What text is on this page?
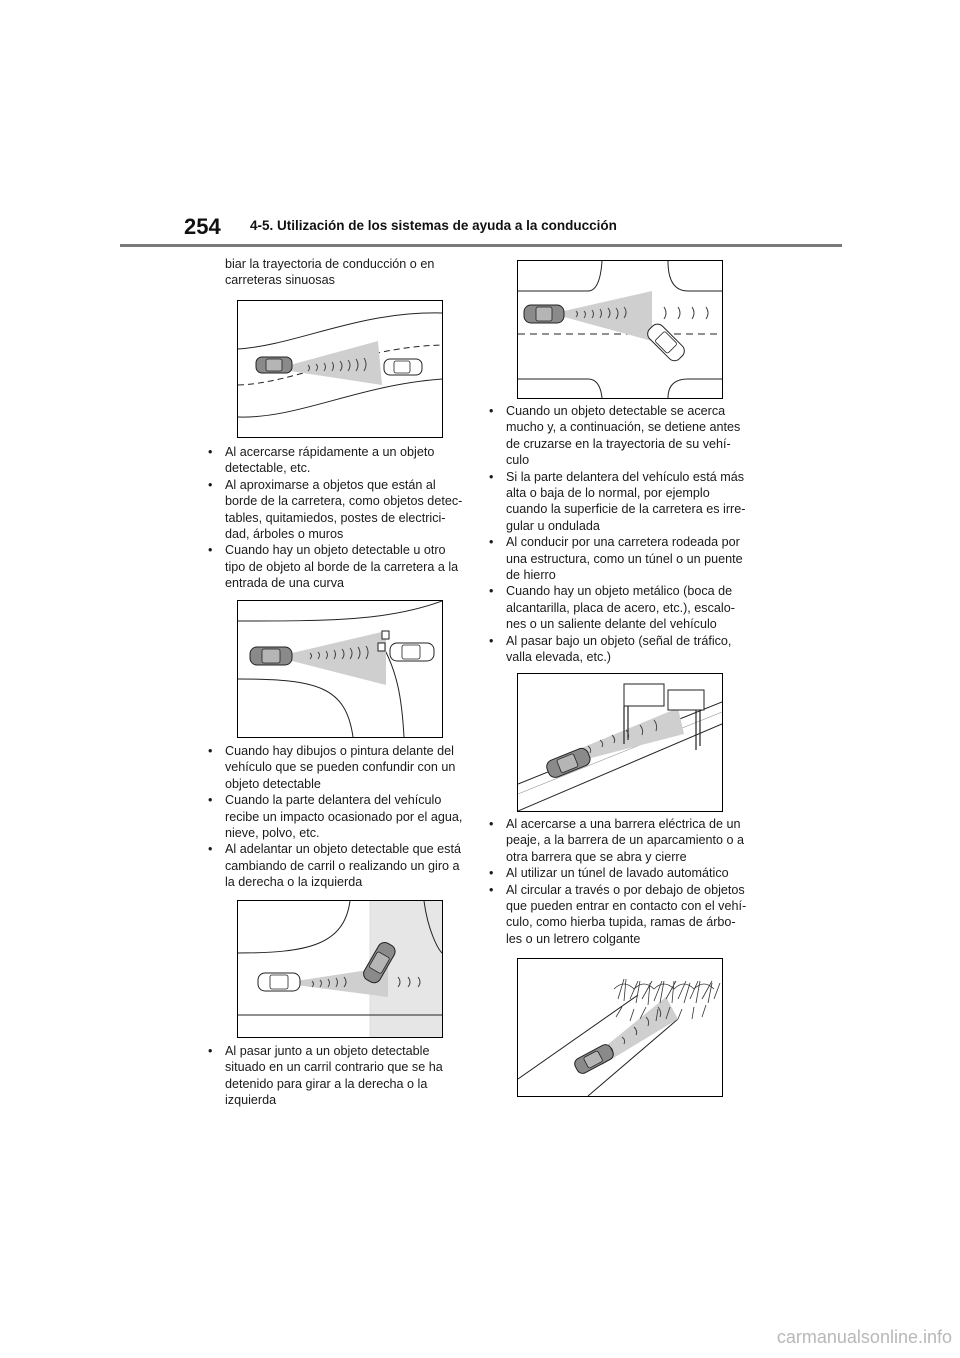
254 4-5. Utilización de los sistemas de ayuda a la conducción
biar la trayectoria de conducción o en
carreteras sinuosas
• Al acercarse rápidamente a un objeto
detectable, etc.
• Al aproximarse a objetos que están al
borde de la carretera, como objetos detec-
tables, quitamiedos, postes de electrici-
dad, árboles o muros
• Cuando hay un objeto detectable u otro
tipo de objeto al borde de la carretera a la
entrada de una curva
• Cuando hay dibujos o pintura delante del
vehículo que se pueden confundir con un
objeto detectable
• Cuando la parte delantera del vehículo
recibe un impacto ocasionado por el agua,
nieve, polvo, etc.
• Al adelantar un objeto detectable que está
cambiando de carril o realizando un giro a
la derecha o la izquierda
• Al pasar junto a un objeto detectable
situado en un carril contrario que se ha
detenido para girar a la derecha o la
izquierda
• Cuando un objeto detectable se acerca
mucho y, a continuación, se detiene antes
de cruzarse en la trayectoria de su vehí-
culo
• Si la parte delantera del vehículo está más
alta o baja de lo normal, por ejemplo
cuando la superficie de la carretera es irre-
gular u ondulada
• Al conducir por una carretera rodeada por
una estructura, como un túnel o un puente
de hierro
• Cuando hay un objeto metálico (boca de
alcantarilla, placa de acero, etc.), escalo-
nes o un saliente delante del vehículo
• Al pasar bajo un objeto (señal de tráfico,
valla elevada, etc.)
• Al acercarse a una barrera eléctrica de un
peaje, a la barrera de un aparcamiento o a
otra barrera que se abra y cierre
• Al utilizar un túnel de lavado automático
• Al circular a través o por debajo de objetos
que pueden entrar en contacto con el vehí-
culo, como hierba tupida, ramas de árbo-
les o un letrero colgante
carmanualsonline.info
